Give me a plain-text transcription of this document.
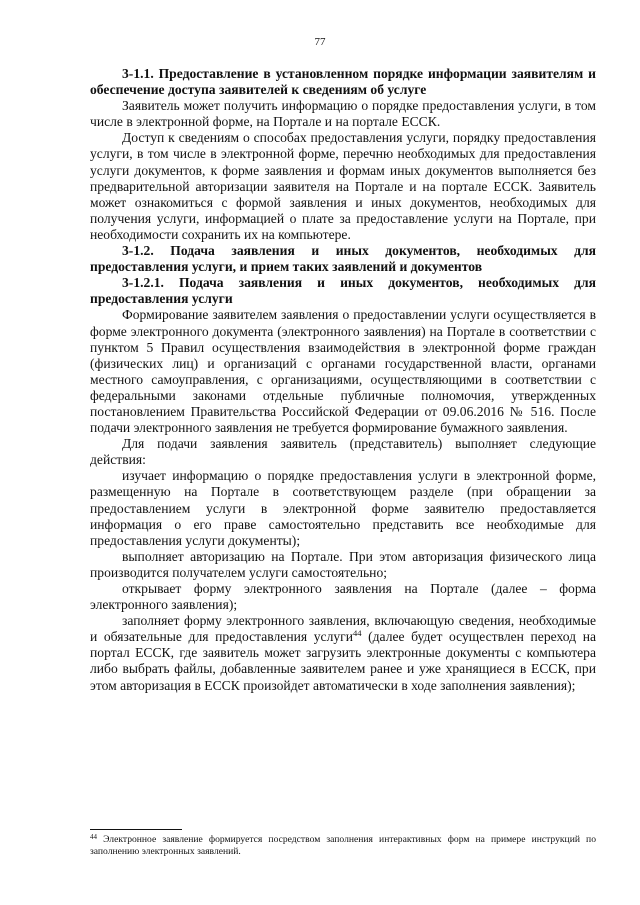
77

3-1.1. Предоставление в установленном порядке информации заявителям и обеспечение доступа заявителей к сведениям об услуге

Заявитель может получить информацию о порядке предоставления услуги, в том числе в электронной форме, на Портале и на портале ЕССК.

Доступ к сведениям о способах предоставления услуги, порядку предоставления услуги, в том числе в электронной форме, перечню необходимых для предоставления услуги документов, к форме заявления и формам иных документов выполняется без предварительной авторизации заявителя на Портале и на портале ЕССК. Заявитель может ознакомиться с формой заявления и иных документов, необходимых для получения услуги, информацией о плате за предоставление услуги на Портале, при необходимости сохранить их на компьютере.

3-1.2. Подача заявления и иных документов, необходимых для предоставления услуги, и прием таких заявлений и документов

3-1.2.1. Подача заявления и иных документов, необходимых для предоставления услуги

Формирование заявителем заявления о предоставлении услуги осуществляется в форме электронного документа (электронного заявления) на Портале в соответствии с пунктом 5 Правил осуществления взаимодействия в электронной форме граждан (физических лиц) и организаций с органами государственной власти, органами местного самоуправления, с организациями, осуществляющими в соответствии с федеральными законами отдельные публичные полномочия, утвержденных постановлением Правительства Российской Федерации от 09.06.2016 № 516. После подачи электронного заявления не требуется формирование бумажного заявления.

Для подачи заявления заявитель (представитель) выполняет следующие действия:

изучает информацию о порядке предоставления услуги в электронной форме, размещенную на Портале в соответствующем разделе (при обращении за предоставлением услуги в электронной форме заявителю предоставляется информация о его праве самостоятельно представить все необходимые для предоставления услуги документы);

выполняет авторизацию на Портале. При этом авторизация физического лица производится получателем услуги самостоятельно;

открывает форму электронного заявления на Портале (далее – форма электронного заявления);

заполняет форму электронного заявления, включающую сведения, необходимые и обязательные для предоставления услуги$^{44}$ (далее будет осуществлен переход на портал ЕССК, где заявитель может загрузить электронные документы с компьютера либо выбрать файлы, добавленные заявителем ранее и уже хранящиеся в ЕССК, при этом авторизация в ЕССК произойдет автоматически в ходе заполнения заявления);

$^{44}$ Электронное заявление формируется посредством заполнения интерактивных форм на примере инструкций по заполнению электронных заявлений.
